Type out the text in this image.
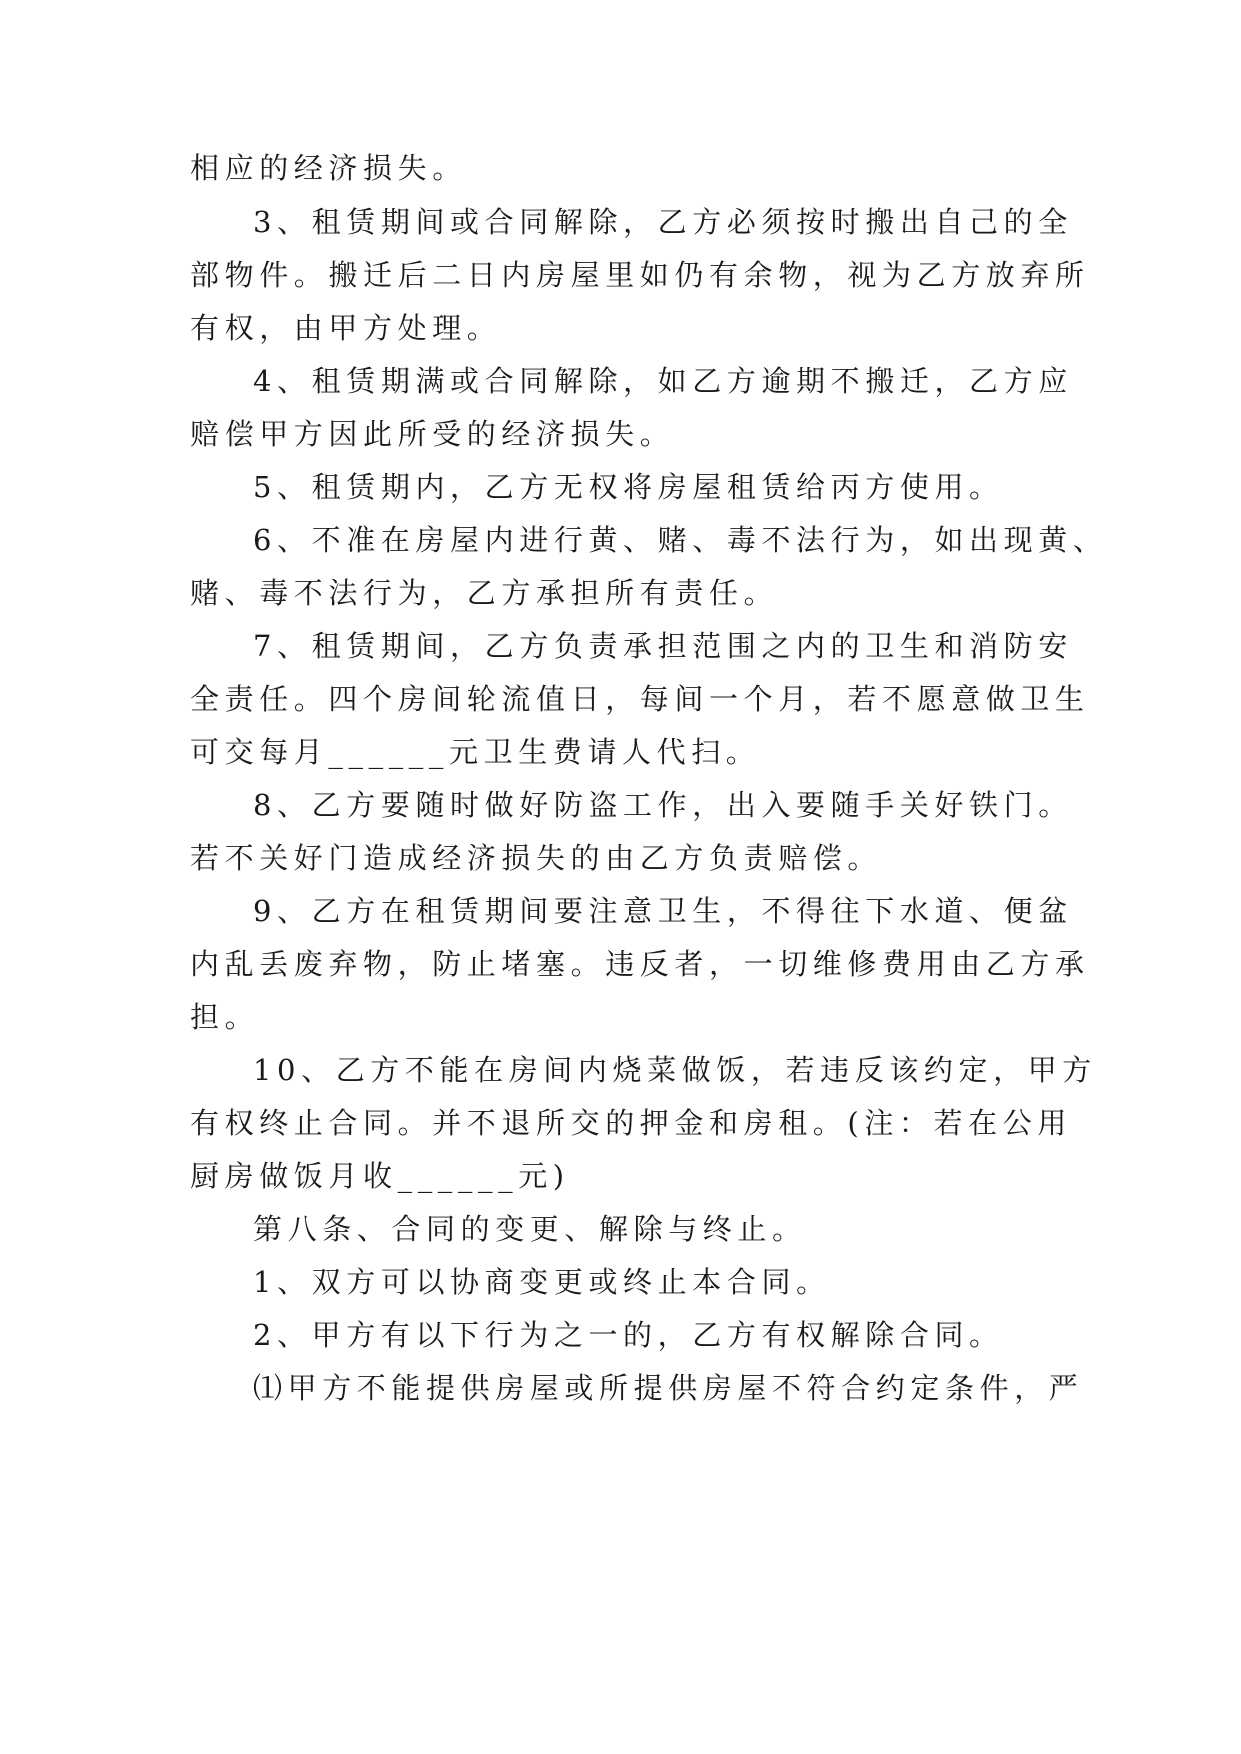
相应的经济损失。
3、租赁期间或合同解除，乙方必须按时搬出自己的全
部物件。搬迁后二日内房屋里如仍有余物，视为乙方放弃所
有权，由甲方处理。
4、租赁期满或合同解除，如乙方逾期不搬迁，乙方应
赔偿甲方因此所受的经济损失。
5、租赁期内，乙方无权将房屋租赁给丙方使用。
6、不准在房屋内进行黄、赌、毒不法行为，如出现黄、
赌、毒不法行为，乙方承担所有责任。
7、租赁期间，乙方负责承担范围之内的卫生和消防安
全责任。四个房间轮流值日，每间一个月，若不愿意做卫生
可交每月______元卫生费请人代扫。
8、乙方要随时做好防盗工作，出入要随手关好铁门。
若不关好门造成经济损失的由乙方负责赔偿。
9、乙方在租赁期间要注意卫生，不得往下水道、便盆
内乱丢废弃物，防止堵塞。违反者，一切维修费用由乙方承
担。
10、乙方不能在房间内烧菜做饭，若违反该约定，甲方
有权终止合同。并不退所交的押金和房租。(注：若在公用
厨房做饭月收______元)
第八条、合同的变更、解除与终止。
1、双方可以协商变更或终止本合同。
2、甲方有以下行为之一的，乙方有权解除合同。
⑴甲方不能提供房屋或所提供房屋不符合约定条件，严
